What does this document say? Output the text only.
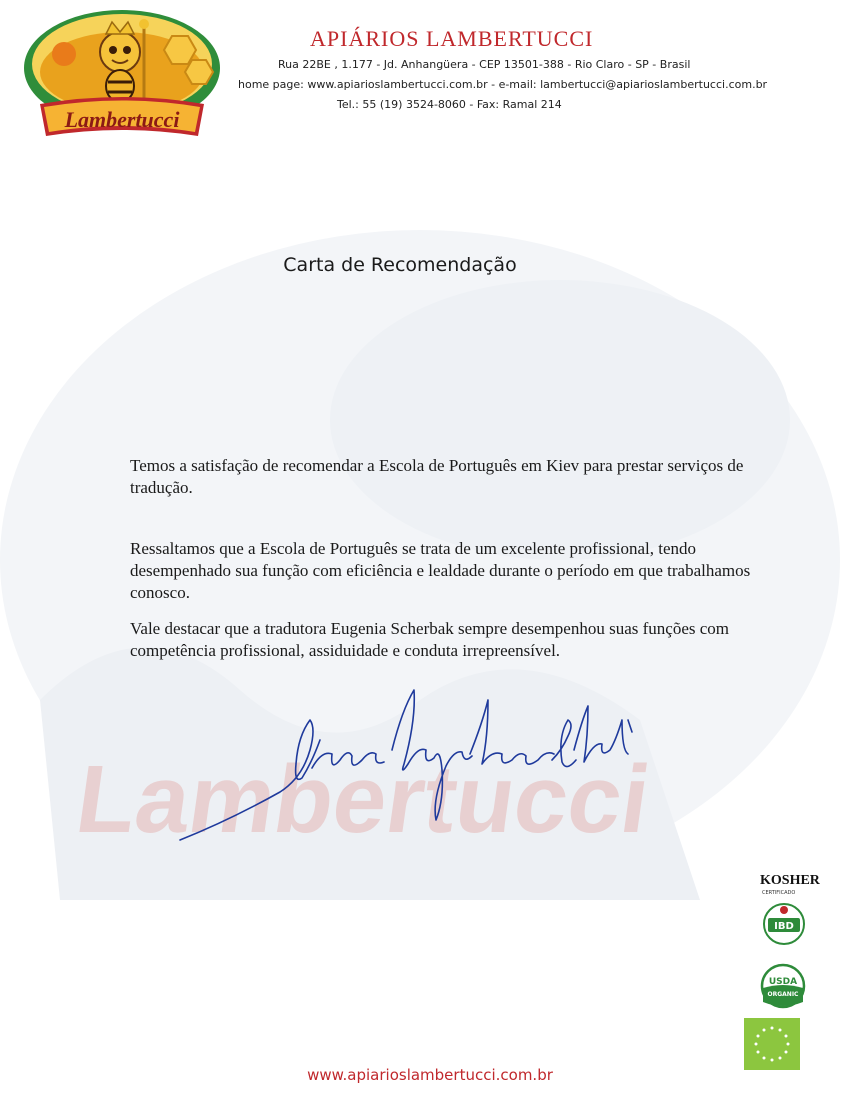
Lambertucci
Lambertucci
APIÁRIOS LAMBERTUCCI
Rua 22BE , 1.177 - Jd. Anhangüera - CEP 13501-388 - Rio Claro - SP - Brasil
home page: www.apiarioslambertucci.com.br - e-mail: lambertucci@apiarioslambertucci.com.br
Tel.: 55 (19) 3524-8060 - Fax: Ramal 214
Carta de Recomendação

Temos a satisfação de recomendar a Escola de Português em Kiev para prestar serviços de tradução.

Ressaltamos que a Escola de Português se trata de um excelente profissional, tendo desempenhado sua função com eficiência e lealdade durante o período em que trabalhamos conosco.

Vale destacar que a tradutora Eugenia Scherbak sempre desempenhou suas funções com competência profissional, assiduidade e conduta irrepreensível.

KOSHER
CERTIFICADO
IBD
USDA
ORGANIC
www.apiarioslambertucci.com.br
